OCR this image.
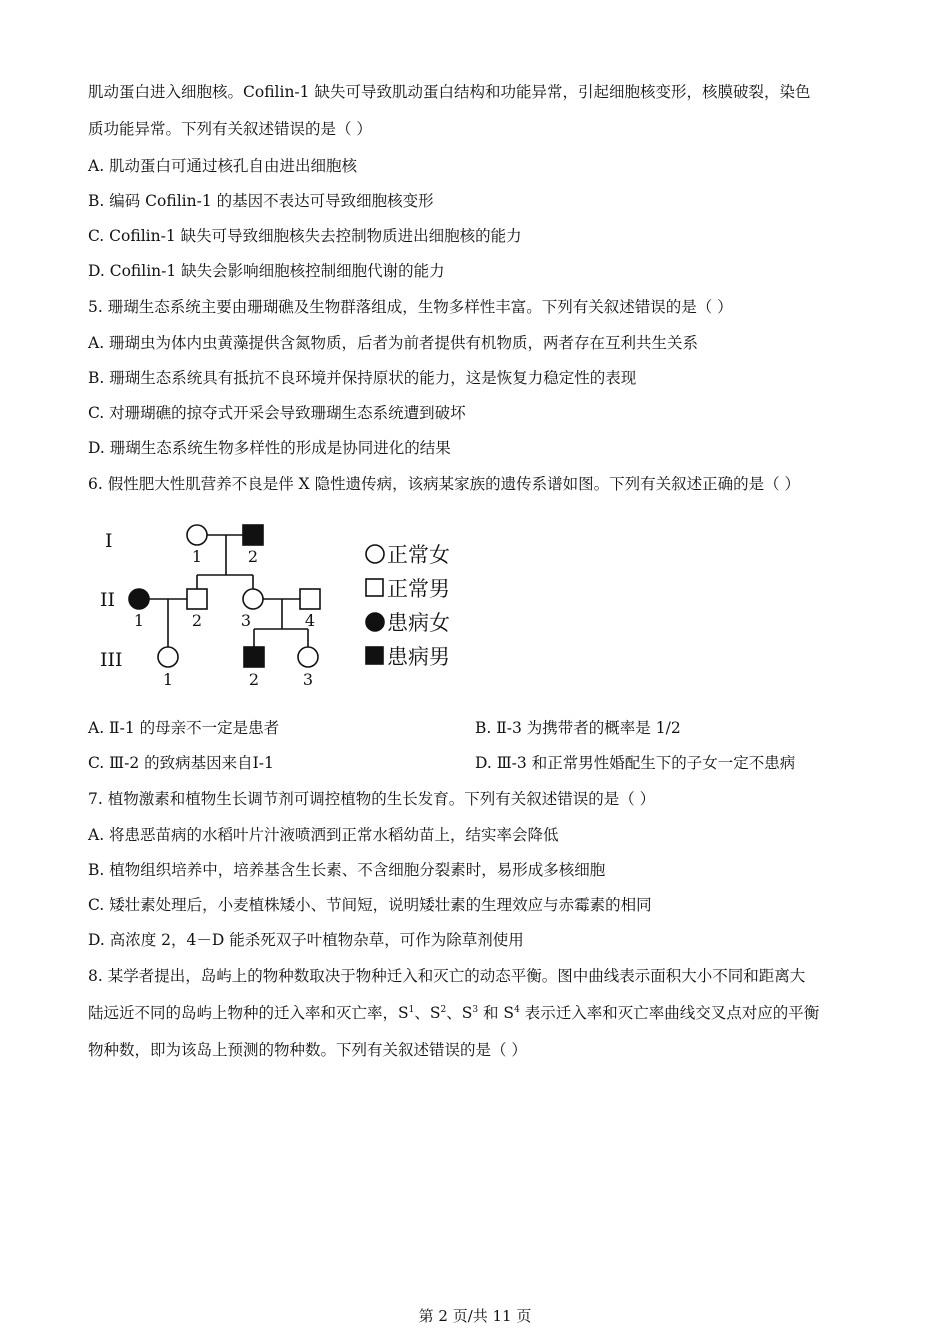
肌动蛋白进入细胞核。Cofilin-1 缺失可导致肌动蛋白结构和功能异常，引起细胞核变形，核膜破裂，染色
质功能异常。下列有关叙述错误的是（ ）
A. 肌动蛋白可通过核孔自由进出细胞核
B. 编码 Cofilin-1 的基因不表达可导致细胞核变形
C. Cofilin-1 缺失可导致细胞核失去控制物质进出细胞核的能力
D. Cofilin-1 缺失会影响细胞核控制细胞代谢的能力
5. 珊瑚生态系统主要由珊瑚礁及生物群落组成，生物多样性丰富。下列有关叙述错误的是（ ）
A. 珊瑚虫为体内虫黄藻提供含氮物质，后者为前者提供有机物质，两者存在互利共生关系
B. 珊瑚生态系统具有抵抗不良环境并保持原状的能力，这是恢复力稳定性的表现
C. 对珊瑚礁的掠夺式开采会导致珊瑚生态系统遭到破坏
D. 珊瑚生态系统生物多样性的形成是协同进化的结果
6. 假性肥大性肌营养不良是伴 X 隐性遗传病，该病某家族的遗传系谱如图。下列有关叙述正确的是（ ）
I
II
III
1	2
1	2 3	4
1	2	3
正常女
正常男
患病女
患病男
A. Ⅱ-1 的母亲不一定是患者	B. Ⅱ-3 为携带者的概率是 1/2
C. Ⅲ-2 的致病基因来自Ⅰ-1	D. Ⅲ-3 和正常男性婚配生下的子女一定不患病
7. 植物激素和植物生长调节剂可调控植物的生长发育。下列有关叙述错误的是（ ）
A. 将患恶苗病的水稻叶片汁液喷洒到正常水稻幼苗上，结实率会降低
B. 植物组织培养中，培养基含生长素、不含细胞分裂素时，易形成多核细胞
C. 矮壮素处理后，小麦植株矮小、节间短，说明矮壮素的生理效应与赤霉素的相同
D. 高浓度 2，4－D 能杀死双子叶植物杂草，可作为除草剂使用
8. 某学者提出，岛屿上的物种数取决于物种迁入和灭亡的动态平衡。图中曲线表示面积大小不同和距离大
陆远近不同的岛屿上物种的迁入率和灭亡率，$S^1$、$S^2$、$S^3$ 和 $S^4$ 表示迁入率和灭亡率曲线交叉点对应的平衡
物种数，即为该岛上预测的物种数。下列有关叙述错误的是（ ）
第 2 页/共 11 页
